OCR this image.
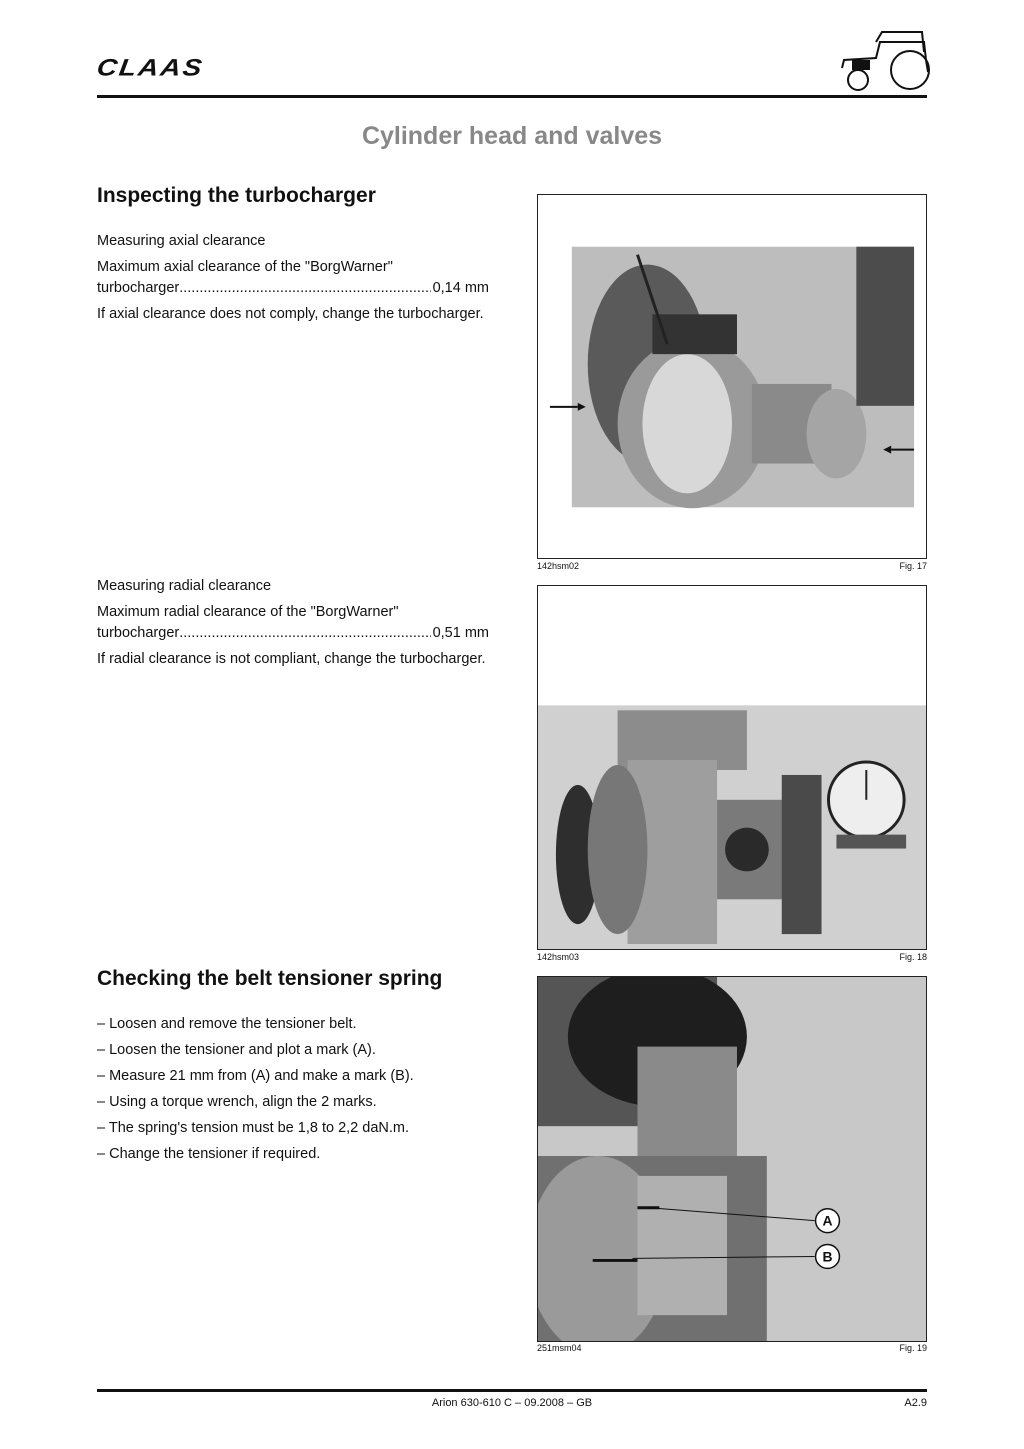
CLAAS
Cylinder head and valves
Inspecting the turbocharger

Measuring axial clearance

Maximum axial clearance of the "BorgWarner"
turbocharger .....	0,14 mm

If axial clearance does not comply, change the turbocharger.

Measuring radial clearance

Maximum radial clearance of the "BorgWarner"
turbocharger .....	0,51 mm

If radial clearance is not compliant, change the turbocharger.

142hsm02	Fig. 17
142hsm03	Fig. 18
Checking the belt tensioner spring
– Loosen and remove the tensioner belt.
– Loosen the tensioner and plot a mark (A).
– Measure 21 mm from (A) and make a mark (B).
– Using a torque wrench, align the 2 marks.
– The spring's tension must be 1,8 to 2,2 daN.m.
– Change the tensioner if required.
A
B
251msm04	Fig. 19
Arion 630-610 C – 09.2008 – GB	A2.9
